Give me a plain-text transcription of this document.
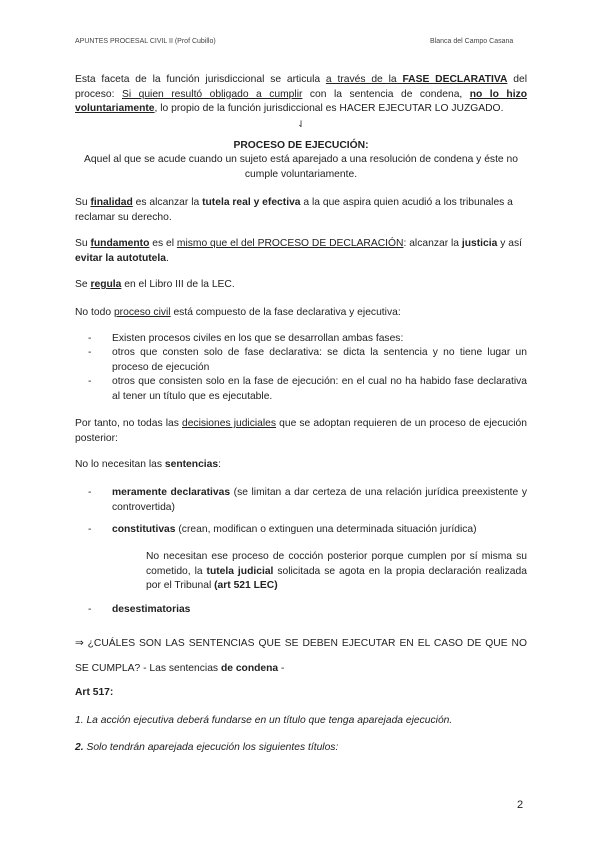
APUNTES PROCESAL CIVIL II (Prof Cubillo)	Blanca del Campo Casana
Esta faceta de la función jurisdiccional se articula a través de la FASE DECLARATIVA del proceso: Si quien resultó obligado a cumplir con la sentencia de condena, no lo hizo voluntariamente, lo propio de la función jurisdiccional es HACER EJECUTAR LO JUZGADO.
⇃
PROCESO DE EJECUCIÓN:
Aquel al que se acude cuando un sujeto está aparejado a una resolución de condena y éste no cumple voluntariamente.
Su finalidad es alcanzar la tutela real y efectiva a la que aspira quien acudió a los tribunales a reclamar su derecho.
Su fundamento es el mismo que el del PROCESO DE DECLARACIÓN: alcanzar la justicia y así evitar la autotutela.
Se regula en el Libro III de la LEC.
No todo proceso civil está compuesto de la fase declarativa y ejecutiva:
- Existen procesos civiles en los que se desarrollan ambas fases:
- otros que consten solo de fase declarativa: se dicta la sentencia y no tiene lugar un proceso de ejecución
- otros que consisten solo en la fase de ejecución: en el cual no ha habido fase declarativa al tener un título que es ejecutable.
Por tanto, no todas las decisiones judiciales que se adoptan requieren de un proceso de ejecución posterior:
No lo necesitan las sentencias:
- meramente declarativas (se limitan a dar certeza de una relación jurídica preexistente y controvertida)
- constitutivas (crean, modifican o extinguen una determinada situación jurídica)
No necesitan ese proceso de cocción posterior porque cumplen por sí misma su cometido, la tutela judicial solicitada se agota en la propia declaración realizada por el Tribunal (art 521 LEC)
- desestimatorias
⇒ ¿CUÁLES SON LAS SENTENCIAS QUE SE DEBEN EJECUTAR EN EL CASO DE QUE NO SE CUMPLA? - Las sentencias de condena -
Art 517:
1. La acción ejecutiva deberá fundarse en un título que tenga aparejada ejecución.
2. Solo tendrán aparejada ejecución los siguientes títulos:
2
